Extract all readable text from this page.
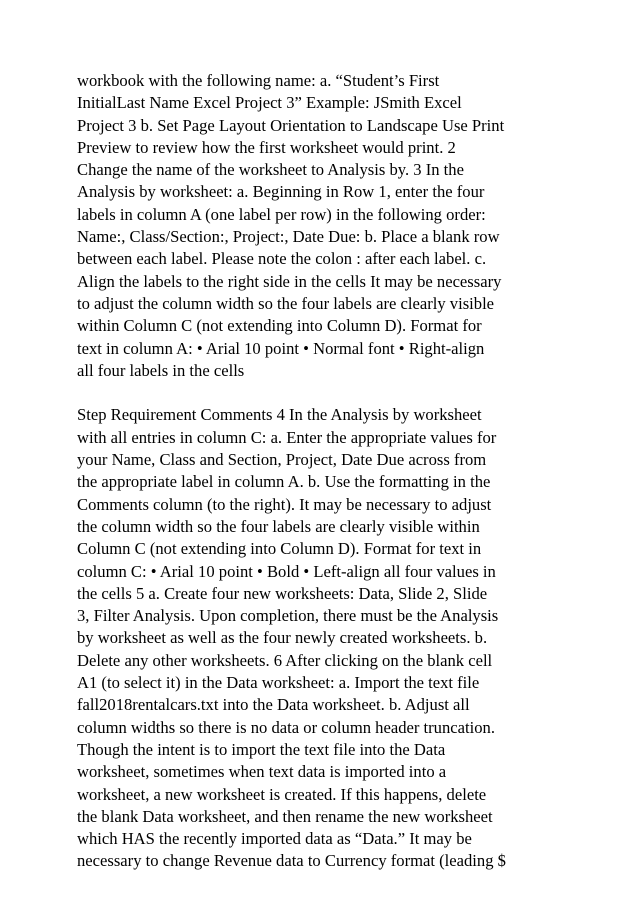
workbook with the following name: a. “Student’s First
InitialLast Name Excel Project 3” Example: JSmith Excel
Project 3 b. Set Page Layout Orientation to Landscape Use Print
Preview to review how the first worksheet would print. 2
Change the name of the worksheet to Analysis by. 3 In the
Analysis by worksheet: a. Beginning in Row 1, enter the four
labels in column A (one label per row) in the following order:
Name:, Class/Section:, Project:, Date Due: b. Place a blank row
between each label. Please note the colon : after each label. c.
Align the labels to the right side in the cells It may be necessary
to adjust the column width so the four labels are clearly visible
within Column C (not extending into Column D). Format for
text in column A: • Arial 10 point • Normal font • Right-align
all four labels in the cells
Step Requirement Comments 4 In the Analysis by worksheet
with all entries in column C: a. Enter the appropriate values for
your Name, Class and Section, Project, Date Due across from
the appropriate label in column A. b. Use the formatting in the
Comments column (to the right). It may be necessary to adjust
the column width so the four labels are clearly visible within
Column C (not extending into Column D). Format for text in
column C: • Arial 10 point • Bold • Left-align all four values in
the cells 5 a. Create four new worksheets: Data, Slide 2, Slide
3, Filter Analysis. Upon completion, there must be the Analysis
by worksheet as well as the four newly created worksheets. b.
Delete any other worksheets. 6 After clicking on the blank cell
A1 (to select it) in the Data worksheet: a. Import the text file
fall2018rentalcars.txt into the Data worksheet. b. Adjust all
column widths so there is no data or column header truncation.
Though the intent is to import the text file into the Data
worksheet, sometimes when text data is imported into a
worksheet, a new worksheet is created. If this happens, delete
the blank Data worksheet, and then rename the new worksheet
which HAS the recently imported data as “Data.” It may be
necessary to change Revenue data to Currency format (leading $
